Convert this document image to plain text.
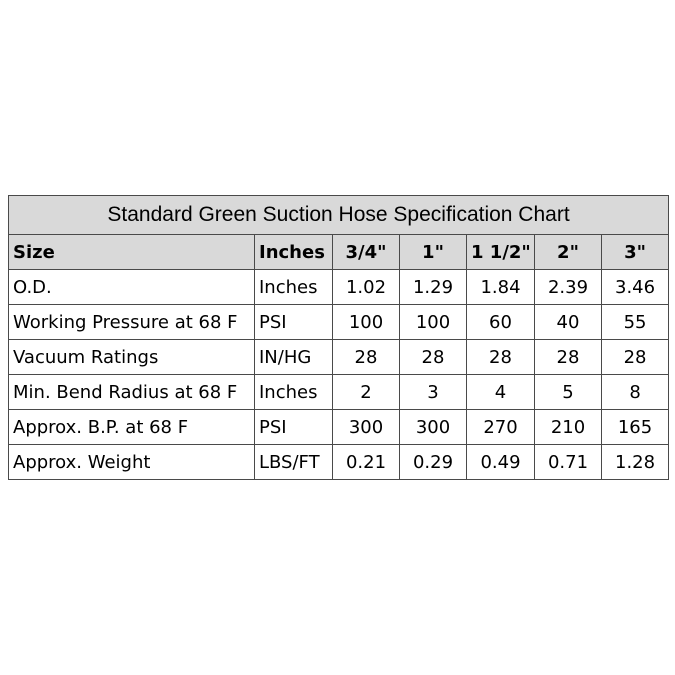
Standard Green Suction Hose Specification Chart						
Size	Inches	3/4"	1"	1 1/2"	2"	3"
O.D.	Inches	1.02	1.29	1.84	2.39	3.46
Working Pressure at 68 F	PSI	100	100	60	40	55
Vacuum Ratings	IN/HG	28	28	28	28	28
Min. Bend Radius at 68 F	Inches	2	3	4	5	8
Approx. B.P. at 68 F	PSI	300	300	270	210	165
Approx. Weight	LBS/FT	0.21	0.29	0.49	0.71	1.28
